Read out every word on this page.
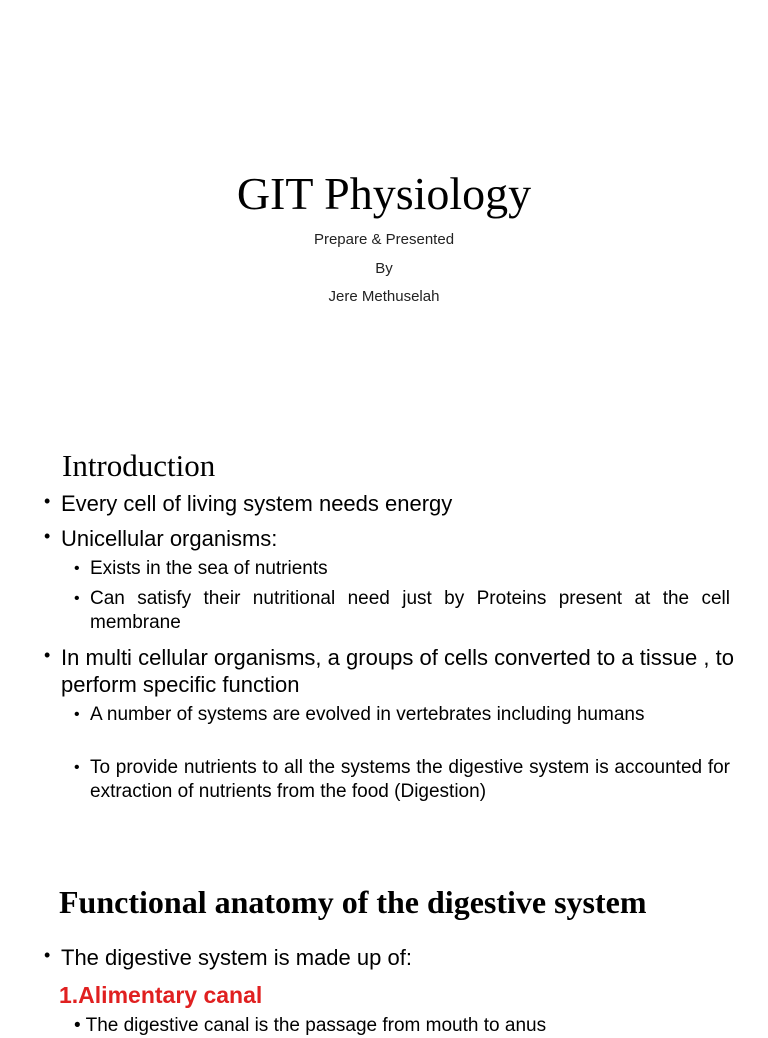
GIT Physiology
Prepare & Presented
By
Jere Methuselah
Introduction
• Every cell of living system needs energy
• Unicellular organisms:
• Exists in the sea of nutrients
• Can satisfy their nutritional need just by Proteins present at the cell membrane
• In multi cellular organisms, a groups of cells converted to a tissue , to perform specific function
• A number of systems are evolved in vertebrates including humans
• To provide nutrients to all the systems the digestive system is accounted for extraction of nutrients from the food (Digestion)
Functional anatomy of the digestive system
• The digestive system is made up of:
1.Alimentary canal
• The digestive canal is the passage from mouth to anus
